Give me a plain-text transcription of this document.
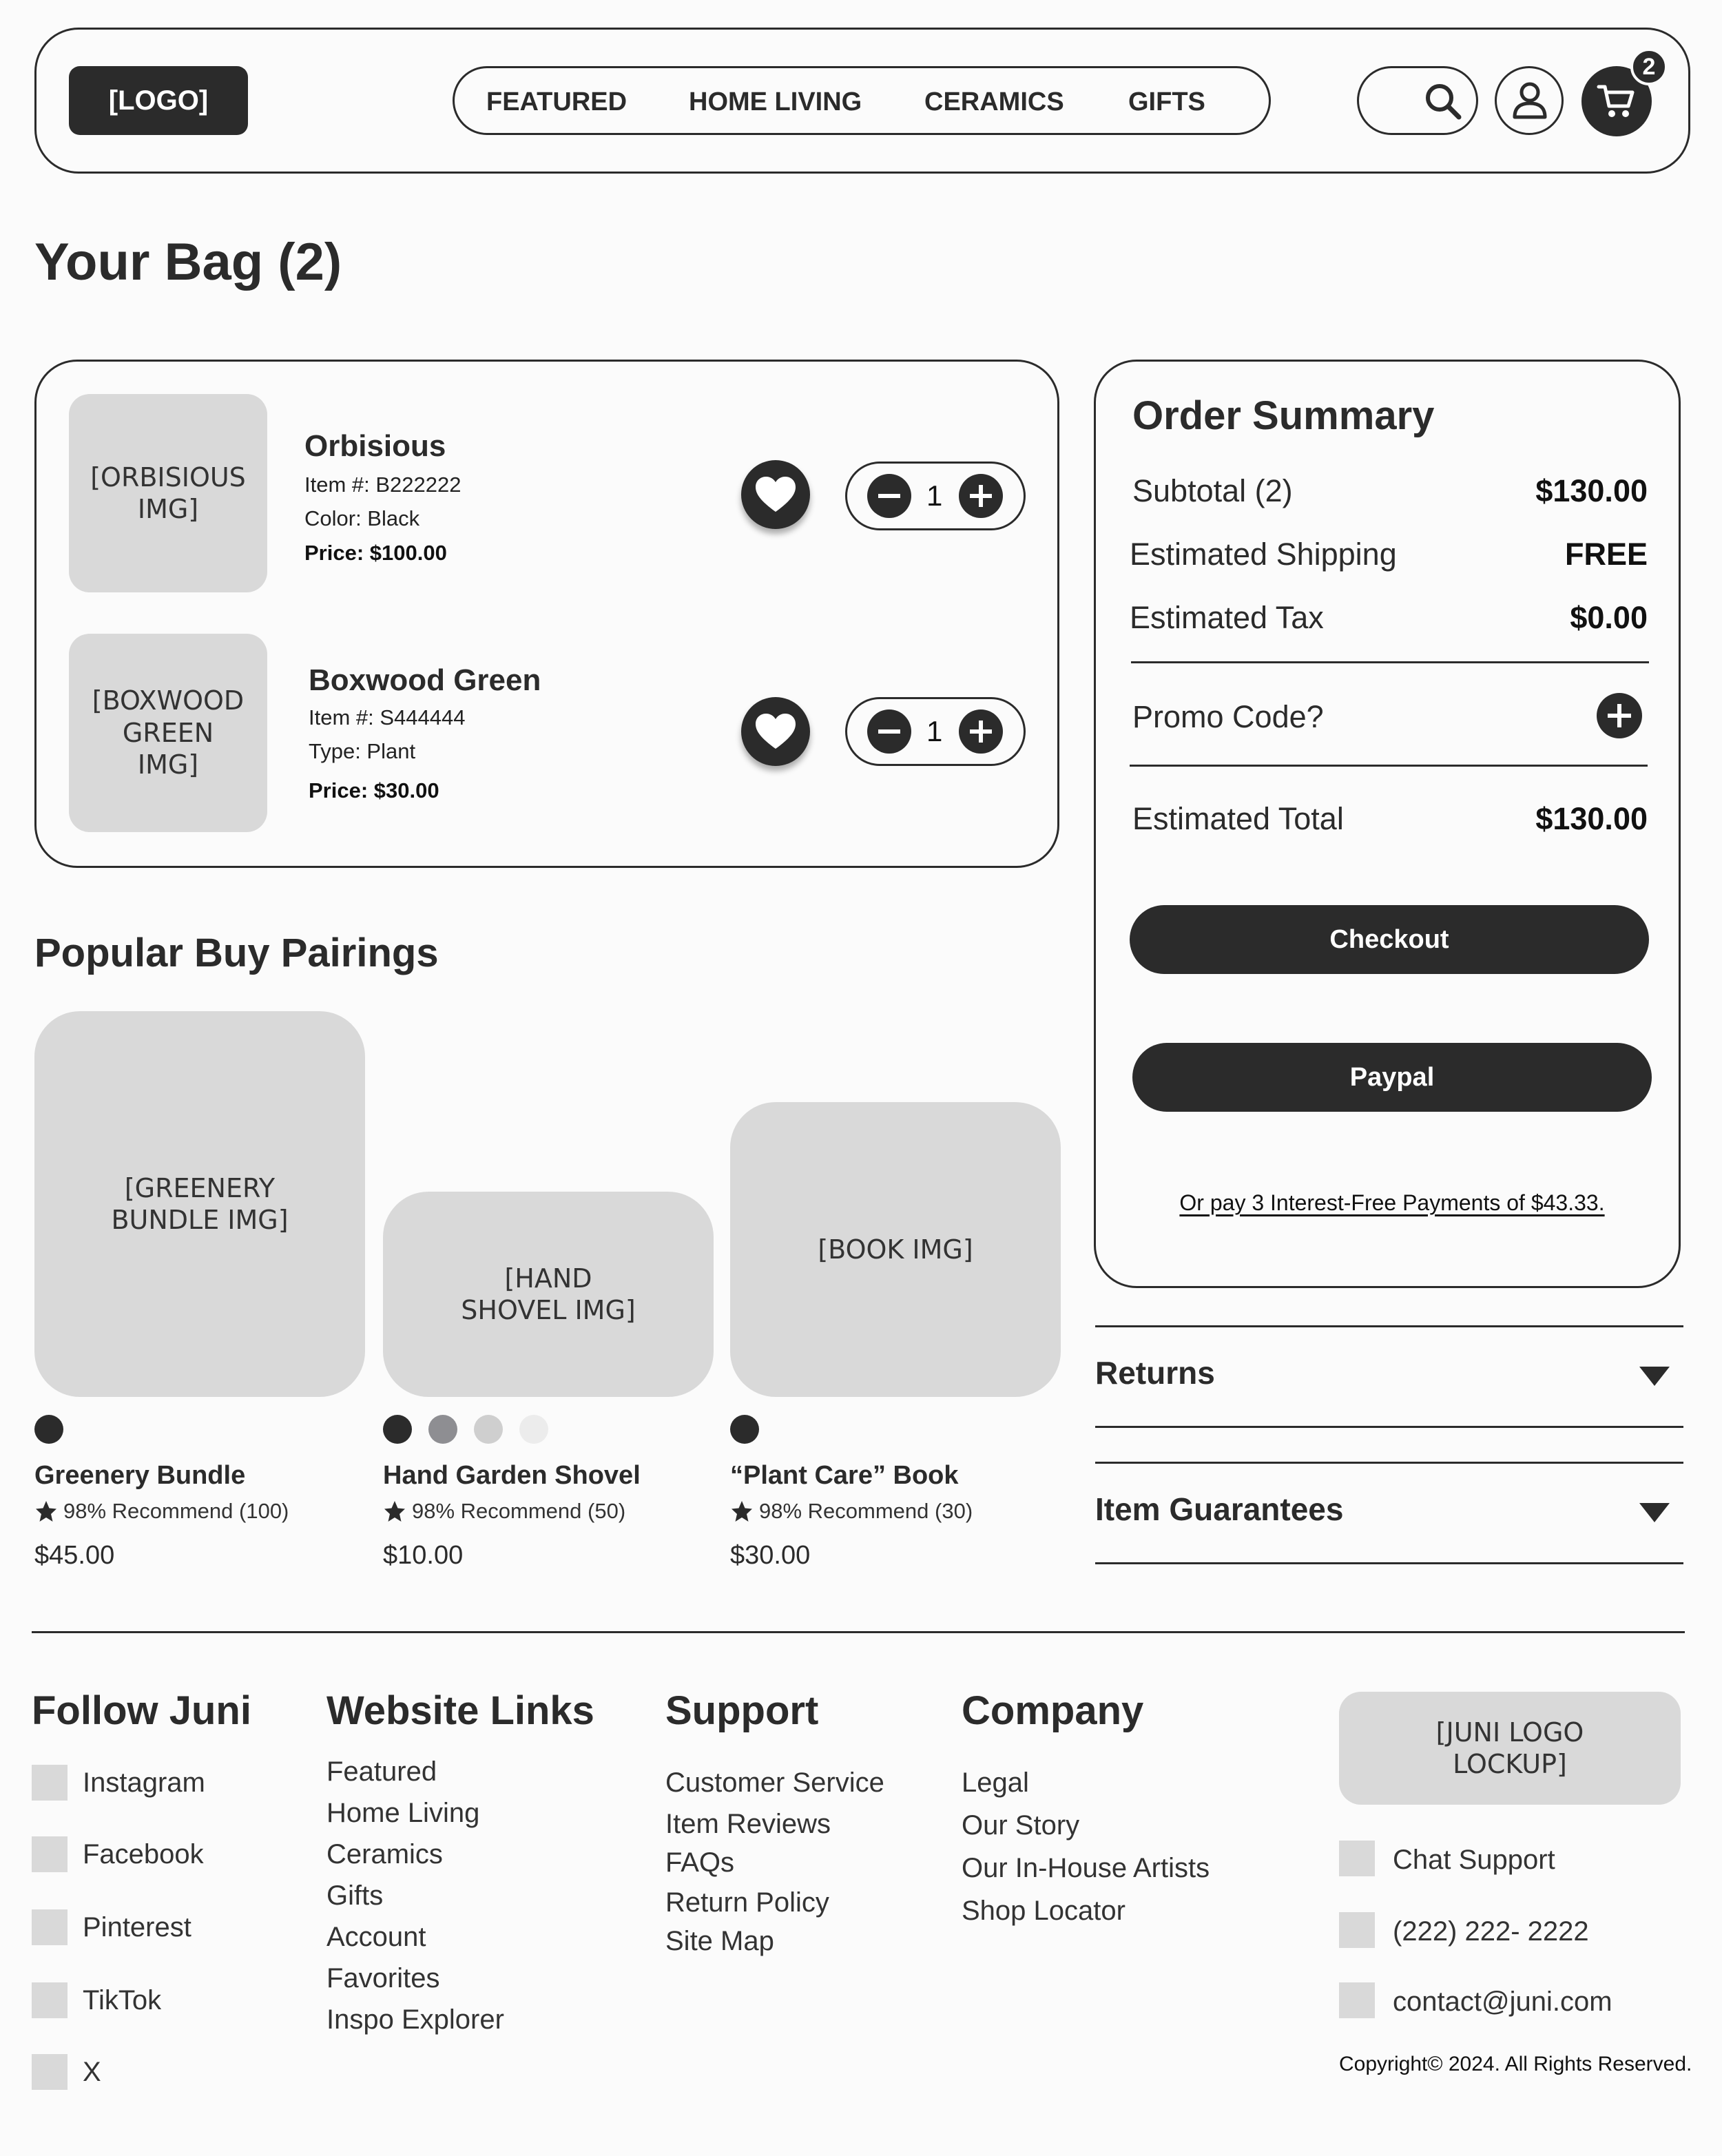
[LOGO]	FEATURED HOME LIVING CERAMICS GIFTS
2
Your Bag (2)
[ORBISIOUS IMG]
Orbisious
Item #: B222222
Color: Black
Price: $100.00
1
[BOXWOOD GREEN IMG]
Boxwood Green
Item #: S444444
Type: Plant
Price: $30.00
1
Order Summary
Subtotal (2)	$130.00
Estimated Shipping	FREE
Estimated Tax	$0.00
Promo Code?
Estimated Total	$130.00
Checkout
Paypal
Or pay 3 Interest-Free Payments of $43.33.
Returns
Item Guarantees
Popular Buy Pairings
[GREENERY BUNDLE IMG]
[HAND SHOVEL IMG]
[BOOK IMG]
Greenery Bundle
98% Recommend (100)
$45.00
Hand Garden Shovel
98% Recommend (50)
$10.00
“Plant Care” Book
98% Recommend (30)
$30.00
Follow Juni
Instagram
Facebook
Pinterest
TikTok
X
Website Links
Featured
Home Living
Ceramics
Gifts
Account
Favorites
Inspo Explorer
Support
Customer Service
Item Reviews
FAQs
Return Policy
Site Map
Company
Legal
Our Story
Our In-House Artists
Shop Locator
[JUNI LOGO LOCKUP]
Chat Support
(222) 222- 2222
contact@juni.com
Copyright© 2024. All Rights Reserved.
